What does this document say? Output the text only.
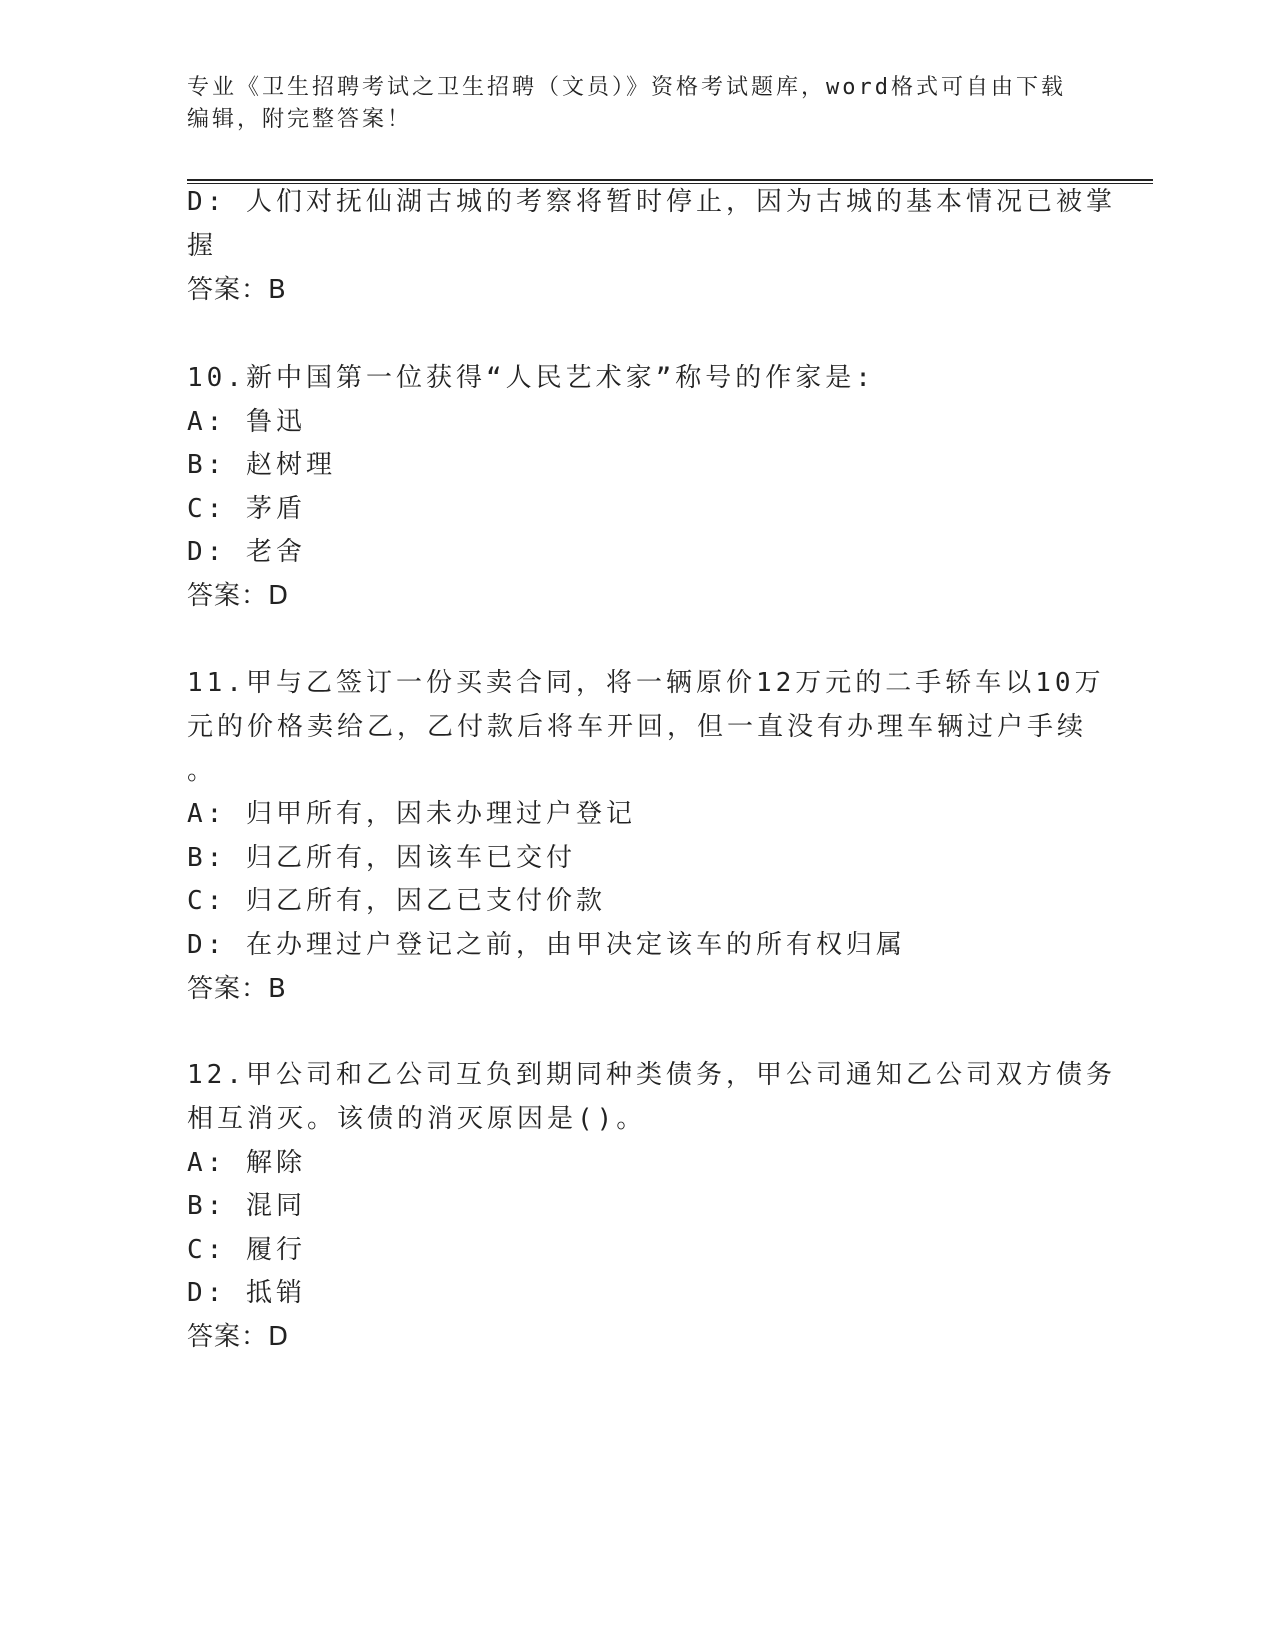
专业《卫生招聘考试之卫生招聘（文员）》资格考试题库，word格式可自由下载
编辑，附完整答案！
D: 人们对抚仙湖古城的考察将暂时停止，因为古城的基本情况已被掌
握
答案：B
10.新中国第一位获得“人民艺术家”称号的作家是:
A: 鲁迅
B: 赵树理
C: 茅盾
D: 老舍
答案：D
11.甲与乙签订一份买卖合同，将一辆原价12万元的二手轿车以10万
元的价格卖给乙，乙付款后将车开回，但一直没有办理车辆过户手续
。
A: 归甲所有，因未办理过户登记
B: 归乙所有，因该车已交付
C: 归乙所有，因乙已支付价款
D: 在办理过户登记之前，由甲决定该车的所有权归属
答案：B
12.甲公司和乙公司互负到期同种类债务，甲公司通知乙公司双方债务
相互消灭。该债的消灭原因是()。
A: 解除
B: 混同
C: 履行
D: 抵销
答案：D
